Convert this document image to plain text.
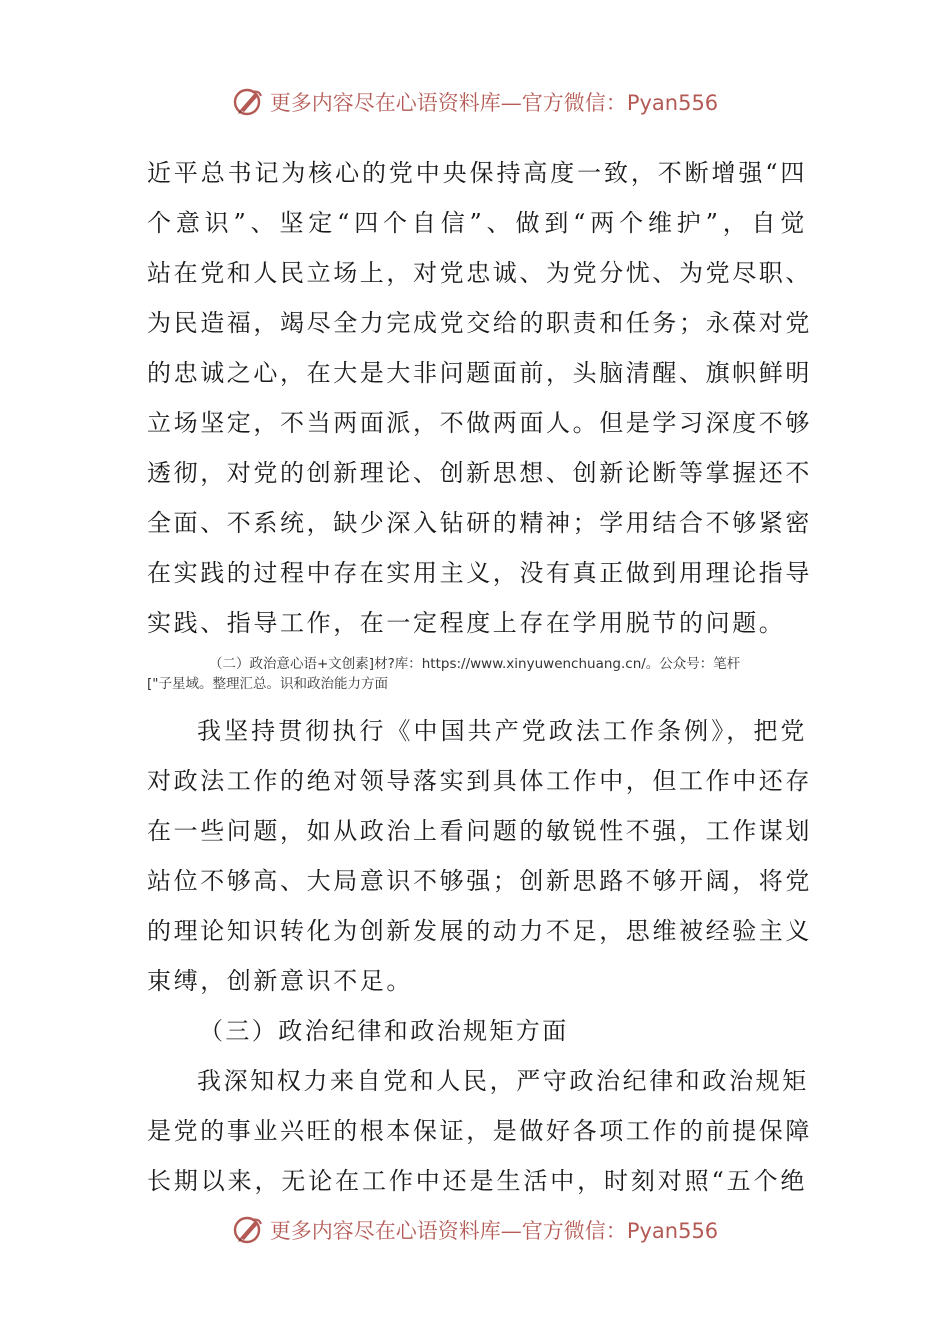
更多内容尽在心语资料库—官方微信：Pyan556
近平总书记为核心的党中央保持高度一致，不断增强“四
个意识”、坚定“四个自信”、做到“两个维护”，自觉
站在党和人民立场上，对党忠诚、为党分忧、为党尽职、
为民造福，竭尽全力完成党交给的职责和任务；永葆对党
的忠诚之心，在大是大非问题面前，头脑清醒、旗帜鲜明
立场坚定，不当两面派，不做两面人。但是学习深度不够
透彻，对党的创新理论、创新思想、创新论断等掌握还不
全面、不系统，缺少深入钻研的精神；学用结合不够紧密
在实践的过程中存在实用主义，没有真正做到用理论指导
实践、指导工作，在一定程度上存在学用脱节的问题。
（二）政治意心语+文创素]材?库：https://www.xinyuwenchuang.cn/。公众号：笔杆
["子星域。整理汇总。识和政治能力方面
我坚持贯彻执行《中国共产党政法工作条例》，把党
对政法工作的绝对领导落实到具体工作中，但工作中还存
在一些问题，如从政治上看问题的敏锐性不强，工作谋划
站位不够高、大局意识不够强；创新思路不够开阔，将党
的理论知识转化为创新发展的动力不足，思维被经验主义
束缚，创新意识不足。
（三）政治纪律和政治规矩方面
我深知权力来自党和人民，严守政治纪律和政治规矩
是党的事业兴旺的根本保证，是做好各项工作的前提保障
长期以来，无论在工作中还是生活中，时刻对照“五个绝
更多内容尽在心语资料库—官方微信：Pyan556
